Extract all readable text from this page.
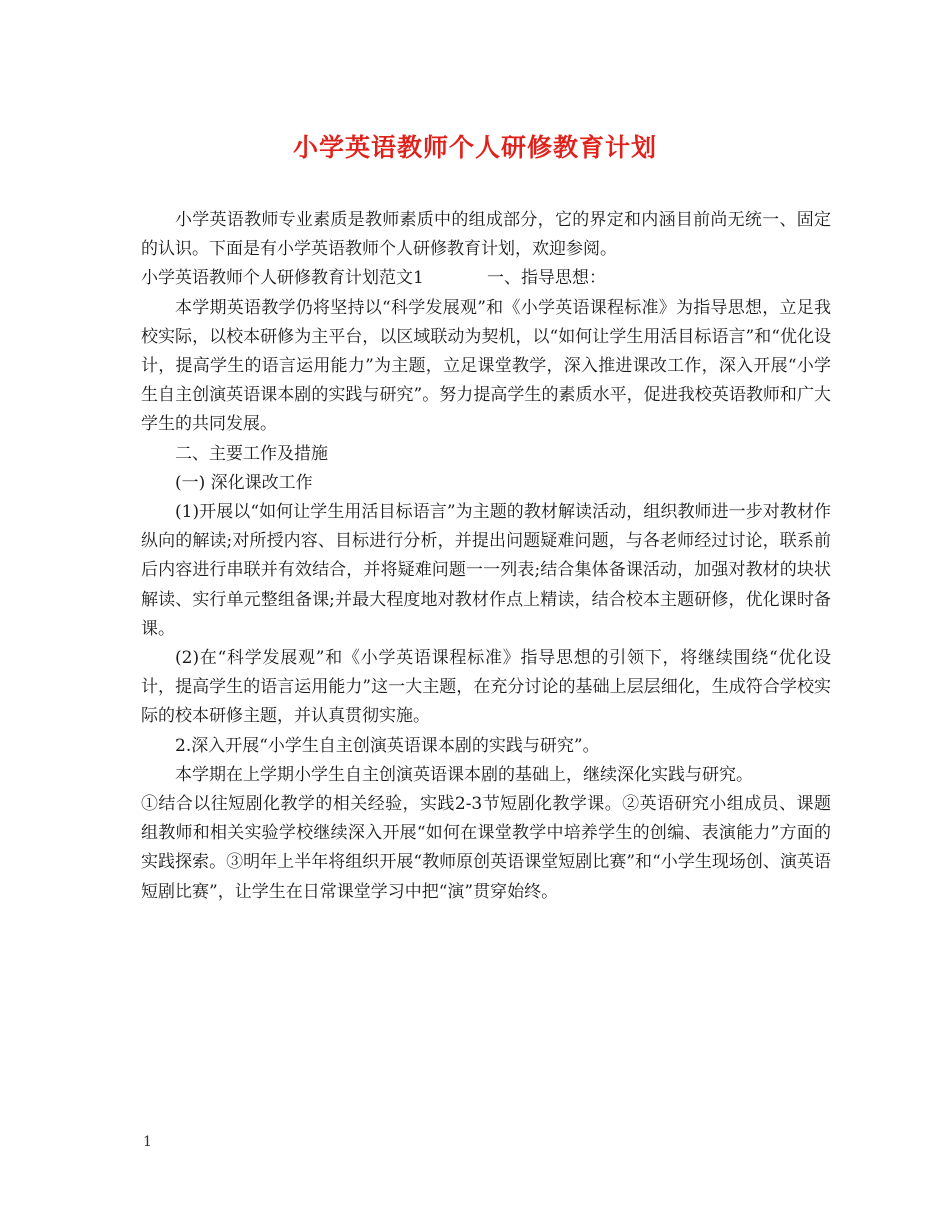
小学英语教师个人研修教育计划

小学英语教师专业素质是教师素质中的组成部分，它的界定和内涵目前尚无统一、固定的认识。下面是有小学英语教师个人研修教育计划，欢迎参阅。

小学英语教师个人研修教育计划范文1	一、指导思想：

本学期英语教学仍将坚持以“科学发展观”和《小学英语课程标准》为指导思想，立足我校实际，以校本研修为主平台，以区域联动为契机，以“如何让学生用活目标语言”和“优化设计，提高学生的语言运用能力”为主题，立足课堂教学，深入推进课改工作，深入开展“小学生自主创演英语课本剧的实践与研究”。努力提高学生的素质水平，促进我校英语教师和广大学生的共同发展。

二、主要工作及措施

(一) 深化课改工作

(1)开展以“如何让学生用活目标语言”为主题的教材解读活动，组织教师进一步对教材作纵向的解读;对所授内容、目标进行分析，并提出问题疑难问题，与各老师经过讨论，联系前后内容进行串联并有效结合，并将疑难问题一一列表;结合集体备课活动，加强对教材的块状解读、实行单元整组备课;并最大程度地对教材作点上精读，结合校本主题研修，优化课时备课。

(2)在“科学发展观”和《小学英语课程标准》指导思想的引领下，将继续围绕“优化设计，提高学生的语言运用能力”这一大主题，在充分讨论的基础上层层细化，生成符合学校实际的校本研修主题，并认真贯彻实施。

2.深入开展“小学生自主创演英语课本剧的实践与研究”。

本学期在上学期小学生自主创演英语课本剧的基础上，继续深化实践与研究。

①结合以往短剧化教学的相关经验，实践2-3节短剧化教学课。②英语研究小组成员、课题组教师和相关实验学校继续深入开展“如何在课堂教学中培养学生的创编、表演能力”方面的实践探索。③明年上半年将组织开展“教师原创英语课堂短剧比赛”和“小学生现场创、演英语短剧比赛”，让学生在日常课堂学习中把“演”贯穿始终。

1
